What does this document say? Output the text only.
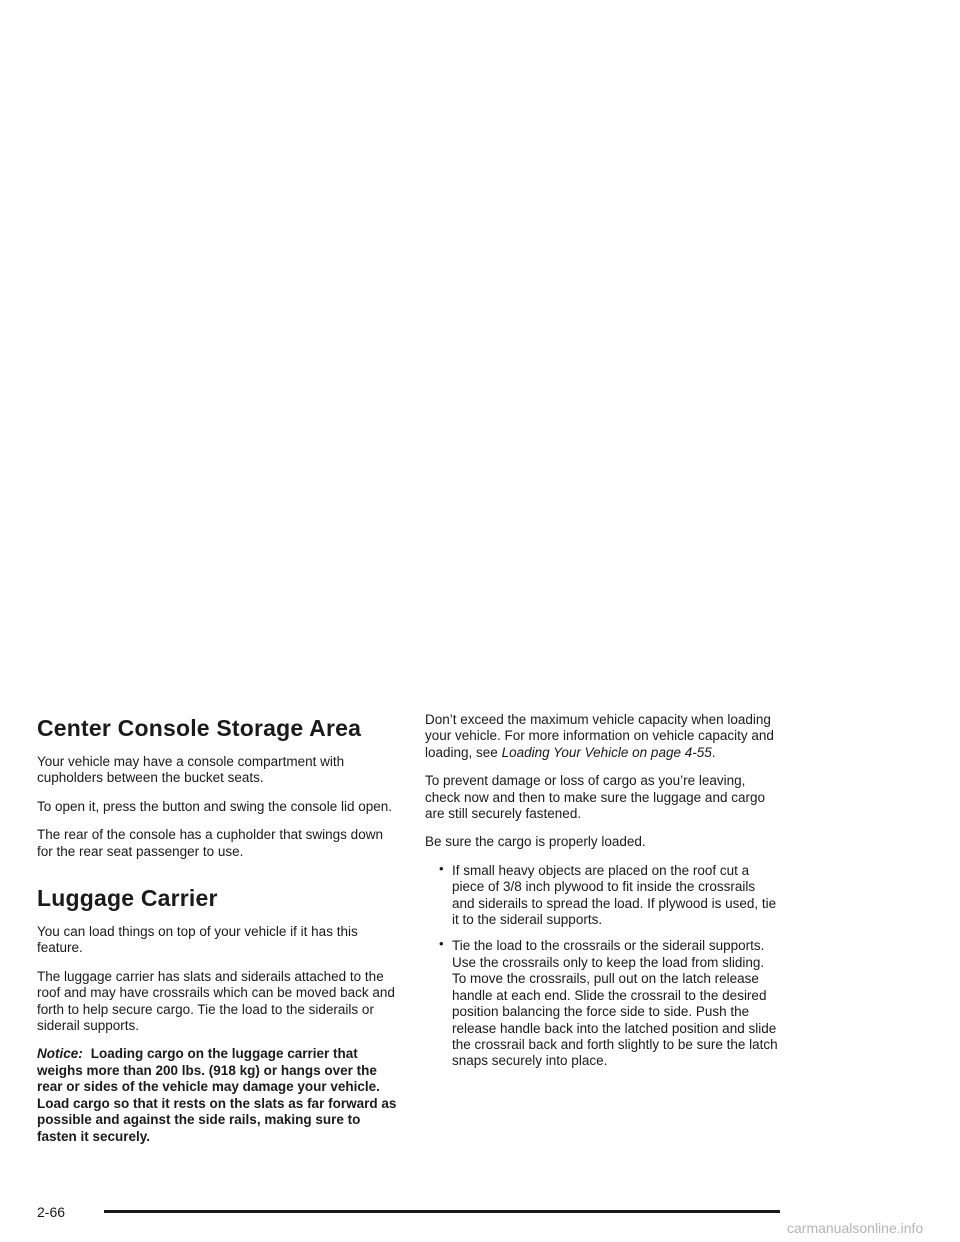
Center Console Storage Area

Your vehicle may have a console compartment with cupholders between the bucket seats.

To open it, press the button and swing the console lid open.

The rear of the console has a cupholder that swings down for the rear seat passenger to use.

Luggage Carrier

You can load things on top of your vehicle if it has this feature.

The luggage carrier has slats and siderails attached to the roof and may have crossrails which can be moved back and forth to help secure cargo. Tie the load to the siderails or siderail supports.

Notice: Loading cargo on the luggage carrier that weighs more than 200 lbs. (918 kg) or hangs over the rear or sides of the vehicle may damage your vehicle. Load cargo so that it rests on the slats as far forward as possible and against the side rails, making sure to fasten it securely.

Don’t exceed the maximum vehicle capacity when loading your vehicle. For more information on vehicle capacity and loading, see Loading Your Vehicle on page 4-55.

To prevent damage or loss of cargo as you’re leaving, check now and then to make sure the luggage and cargo are still securely fastened.

Be sure the cargo is properly loaded.

• If small heavy objects are placed on the roof cut a piece of 3/8 inch plywood to fit inside the crossrails and siderails to spread the load. If plywood is used, tie it to the siderail supports.
• Tie the load to the crossrails or the siderail supports. Use the crossrails only to keep the load from sliding. To move the crossrails, pull out on the latch release handle at each end. Slide the crossrail to the desired position balancing the force side to side. Push the release handle back into the latched position and slide the crossrail back and forth slightly to be sure the latch snaps securely into place.
2-66
carmanualsonline.info
